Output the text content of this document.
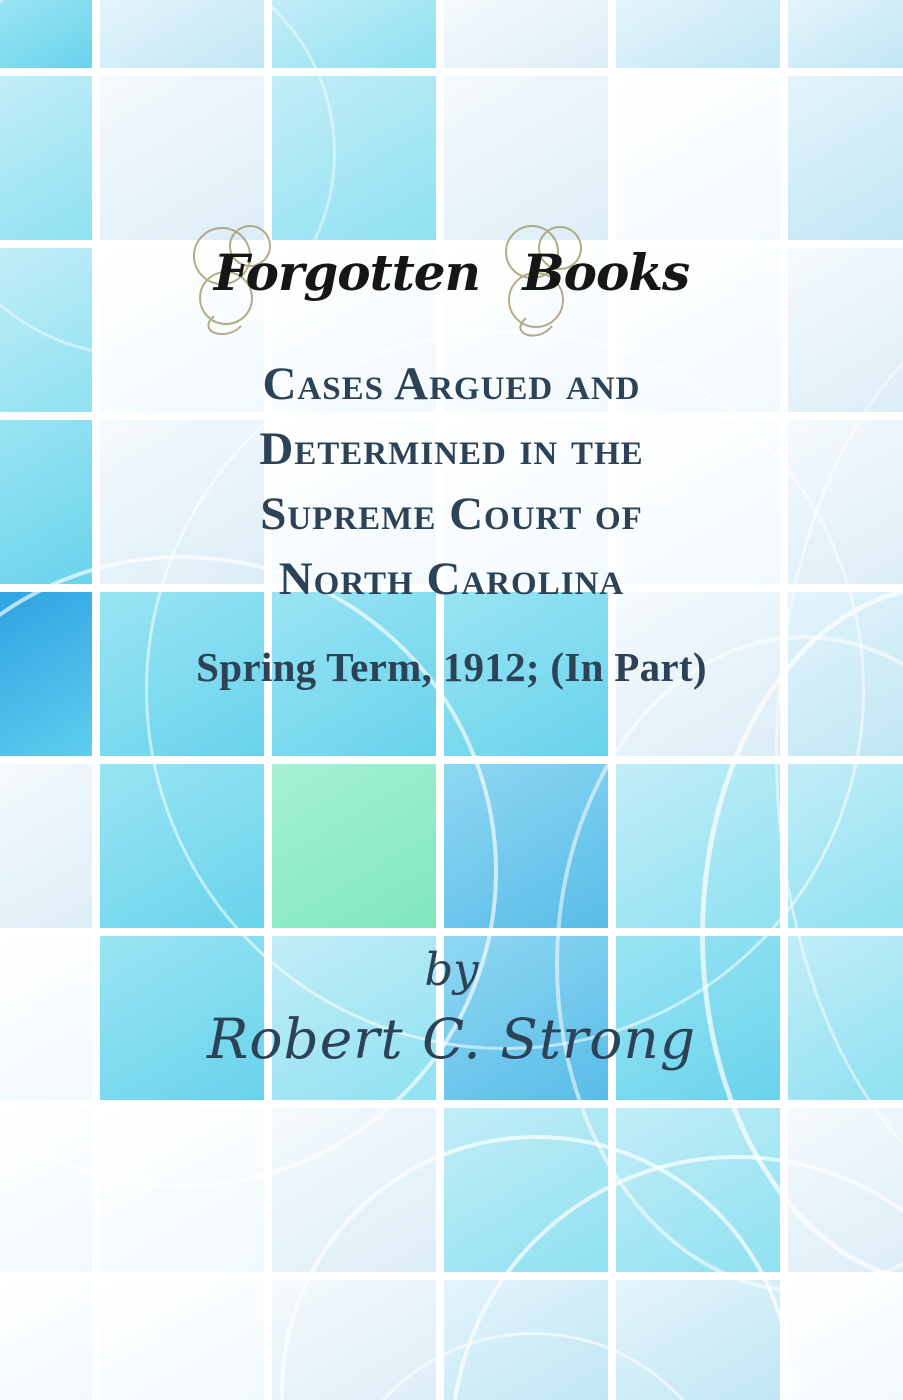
Forgotten Books
Cases Argued and
Determined in the
Supreme Court of
North Carolina
Spring Term, 1912; (In Part)
by
Robert C. Strong
